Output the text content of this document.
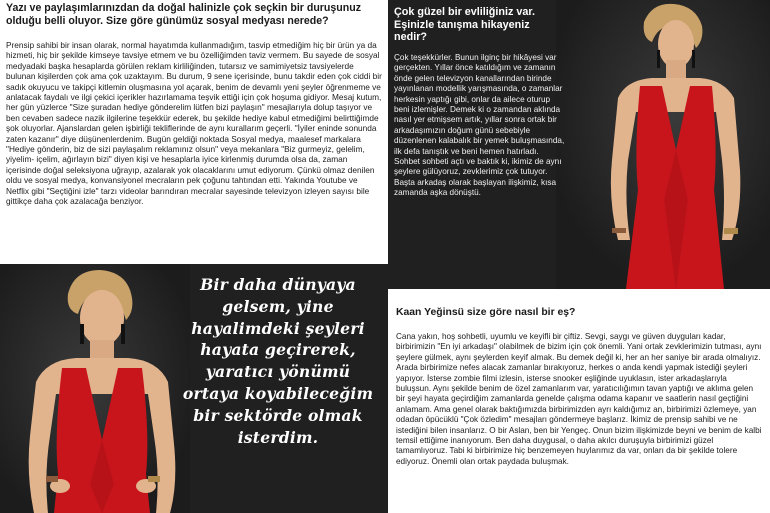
Yazı ve paylaşımlarınızdan da doğal halinizle çok seçkin bir duruşunuz olduğu belli oluyor. Size göre günümüz sosyal medyası nerede?
Prensip sahibi bir insan olarak, normal hayatımda kullanmadığım, tasvip etmediğim hiç bir ürün ya da hizmeti, hiç bir şekilde kimseye tavsiye etmem ve bu özelliğimden taviz vermem. Bu sayede de sosyal medyadaki başka hesaplarda görülen reklam kirliliğinden, tutarsız ve samimiyetsiz tavsiyelerde bulunan kişilerden çok ama çok uzaktayım. Bu durum, 9 sene içerisinde, bunu takdir eden çok ciddi bir sadık okuyucu ve takipçi kitlemin oluşmasına yol açarak, benim de devamlı yeni şeyler öğrenmeme ve anlatacak faydalı ve ilgi çekici içerikler hazırlamama teşvik ettiği için çok hoşuma gidiyor. Mesaj kutum, her gün yüzlerce "Size şuradan hediye gönderelim lütfen bizi paylaşın" mesajlarıyla dolup taşıyor ve ben cevaben sadece nazik ilgilerine teşekkür ederek, bu şekilde hediye kabul etmediğimi belirttiğimde şok oluyorlar. Ajanslardan gelen işbirliği tekliflerinde de aynı kurallarım geçerli. "İyiler eninde sonunda zaten kazanır" diye düşünenlerdenim. Bugün geldiği noktada Sosyal medya, maalesef markalara "Hediye gönderin, biz de sizi paylaşalım reklamınız olsun" veya mekanlara "Biz gurmeyiz, gelelim, yiyelim- içelim, ağırlayın bizi" diyen kişi ve hesaplarla iyice kirlenmiş durumda olsa da, zaman içerisinde doğal seleksiyona uğrayıp, azalarak yok olacaklarını umut ediyorum. Çünkü olmaz denilen oldu ve sosyal medya, konvansiyonel mecraların pek çoğunu tahtından etti. Yakında Youtube ve Netflix gibi "Seçtiğini izle" tarzı videolar barındıran mecralar sayesinde televizyon izleyen sayısı bile gittikçe daha çok azalacağa benziyor.
Çok güzel bir evliliğiniz var. Eşinizle tanışma hikayeniz nedir?
Çok teşekkürler. Bunun ilginç bir hikâyesi var gerçekten. Yıllar önce katıldığım ve zamanın önde gelen televizyon kanallarından birinde yayınlanan modellik yarışmasında, o zamanlar herkesin yaptığı gibi, onlar da ailece oturup beni izlemişler. Demek ki o zamandan aklında nasıl yer etmişsem artık, yıllar sonra ortak bir arkadaşımızın doğum günü sebebiyle düzenlenen kalabalık bir yemek buluşmasında, ilk defa tanıştık ve beni hemen hatırladı. Sohbet sohbeti açtı ve baktık ki, ikimiz de aynı şeylere gülüyoruz, zevklerimiz çok tutuyor. Başta arkadaş olarak başlayan ilişkimiz, kısa zamanda aşka dönüştü.
Bir daha dünyaya gelsem, yine hayalimdeki şeyleri hayata geçirerek, yaratıcı yönümü ortaya koyabileceğim bir sektörde olmak isterdim.
Kaan Yeğinsü size göre nasıl bir eş?
Cana yakın, hoş sohbetli, uyumlu ve keyifli bir çiftiz. Sevgi, saygı ve güven duyguları kadar, birbirimizin "En iyi arkadaşı" olabilmek de bizim için çok önemli. Yani ortak zevklerimizin tutması, aynı şeylere gülmek, aynı şeylerden keyif almak. Bu demek değil ki, her an her saniye bir arada olmalıyız. Arada birbirimize nefes alacak zamanlar bırakıyoruz, herkes o anda kendi yapmak istediği şeyleri yapıyor. İsterse zombie filmi izlesin, isterse snooker eşliğinde uyuklasın, ister arkadaşlarıyla buluşsun. Aynı şekilde benim de özel zamanlarım var, yaratıcılığımın tavan yaptığı ve aklıma gelen bir şeyi hayata geçirdiğim zamanlarda genelde çalışma odama kapanır ve saatlerin nasıl geçtiğini anlamam. Ama genel olarak baktığımızda birbirimizden ayrı kaldığımız an, birbirimizi özlemeye, yan odadan öpücüklü "Çok özledim" mesajları göndermeye başlarız. İkimiz de prensip sahibi ve ne istediğini bilen insanlarız. O bir Aslan, ben bir Yengeç. Onun bizim ilişkimizde beyni ve benim de kalbi temsil ettiğime inanıyorum. Ben daha duygusal, o daha akılcı duruşuyla birbirimizi güzel tamamlıyoruz. Tabi ki birbirimize hiç benzemeyen huylarımız da var, onları da bir şekilde tolere ediyoruz. Önemli olan ortak paydada buluşmak.
